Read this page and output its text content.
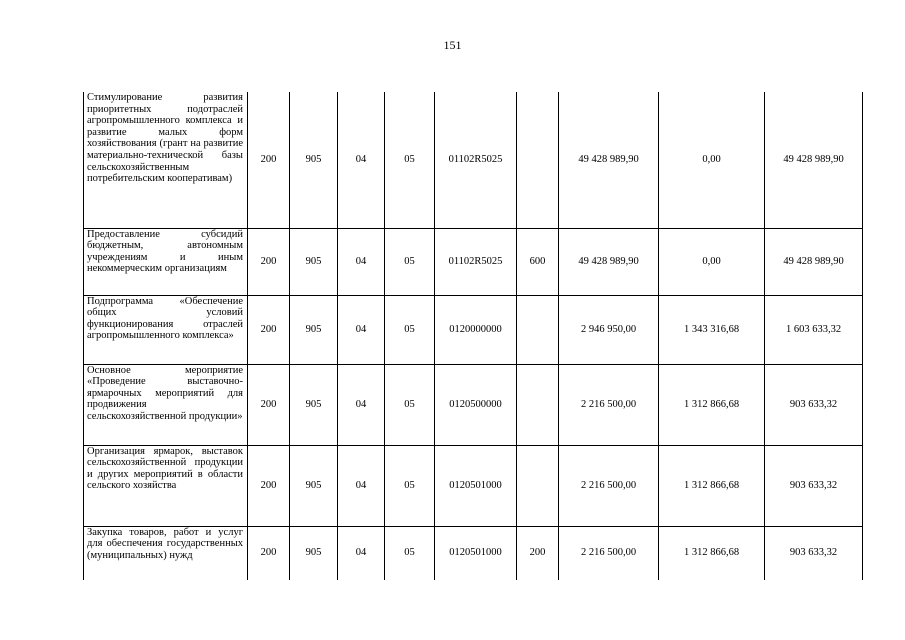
151
Стимулирование развития приоритетных подотраслей агропромышленного комплекса и развитие малых форм хозяйствования (грант на развитие материально-технической базы сельскохозяйственным потребительским кооперативам)	200	905	04	05	01102R5025		49 428 989,90	0,00	49 428 989,90
Предоставление субсидий бюджетным, автономным учреждениям и иным некоммерческим организациям	200	905	04	05	01102R5025	600	49 428 989,90	0,00	49 428 989,90
Подпрограмма «Обеспечение общих условий функционирования отраслей агропромышленного комплекса»	200	905	04	05	0120000000		2 946 950,00	1 343 316,68	1 603 633,32
Основное мероприятие «Проведение выставочно-ярмарочных мероприятий для продвижения сельскохозяйственной продукции»	200	905	04	05	0120500000		2 216 500,00	1 312 866,68	903 633,32
Организация ярмарок, выставок сельскохозяйственной продукции и других мероприятий в области сельского хозяйства	200	905	04	05	0120501000		2 216 500,00	1 312 866,68	903 633,32
Закупка товаров, работ и услуг для обеспечения государственных (муниципальных) нужд	200	905	04	05	0120501000	200	2 216 500,00	1 312 866,68	903 633,32
